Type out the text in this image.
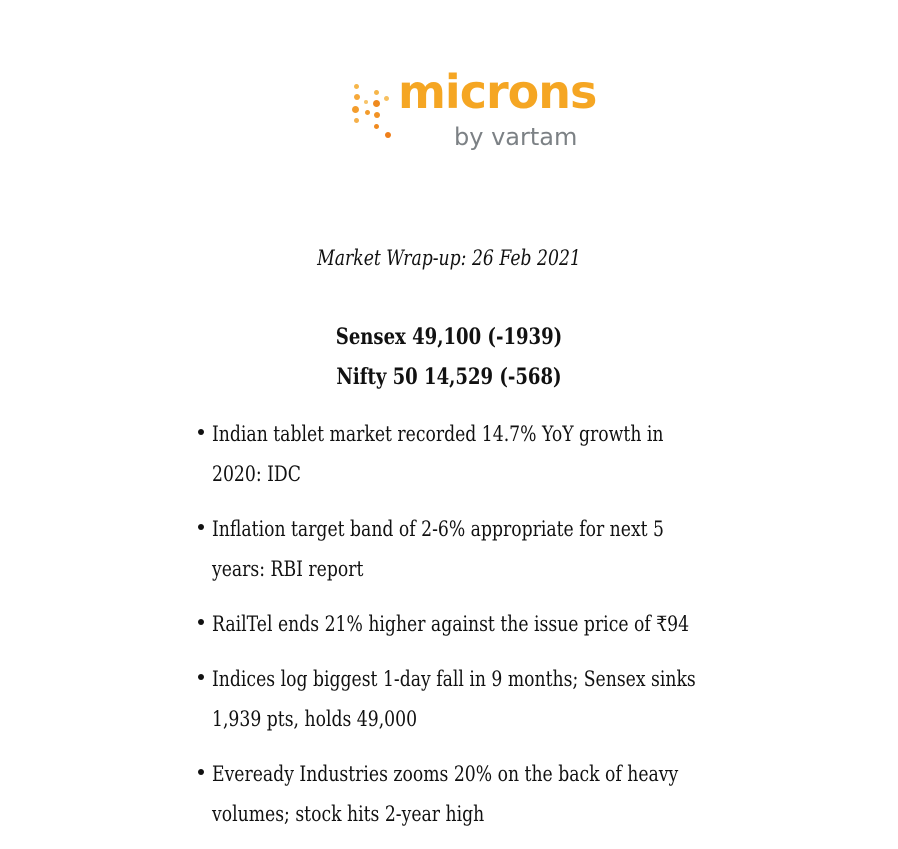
microns
by vartam
Market Wrap-up: 26 Feb 2021
Sensex 49,100 (-1939)
Nifty 50 14,529 (-568)
Indian tablet market recorded 14.7% YoY growth in 2020: IDC
Inflation target band of 2-6% appropriate for next 5 years: RBI report
RailTel ends 21% higher against the issue price of ₹94
Indices log biggest 1-day fall in 9 months; Sensex sinks 1,939 pts, holds 49,000
Eveready Industries zooms 20% on the back of heavy volumes; stock hits 2-year high
